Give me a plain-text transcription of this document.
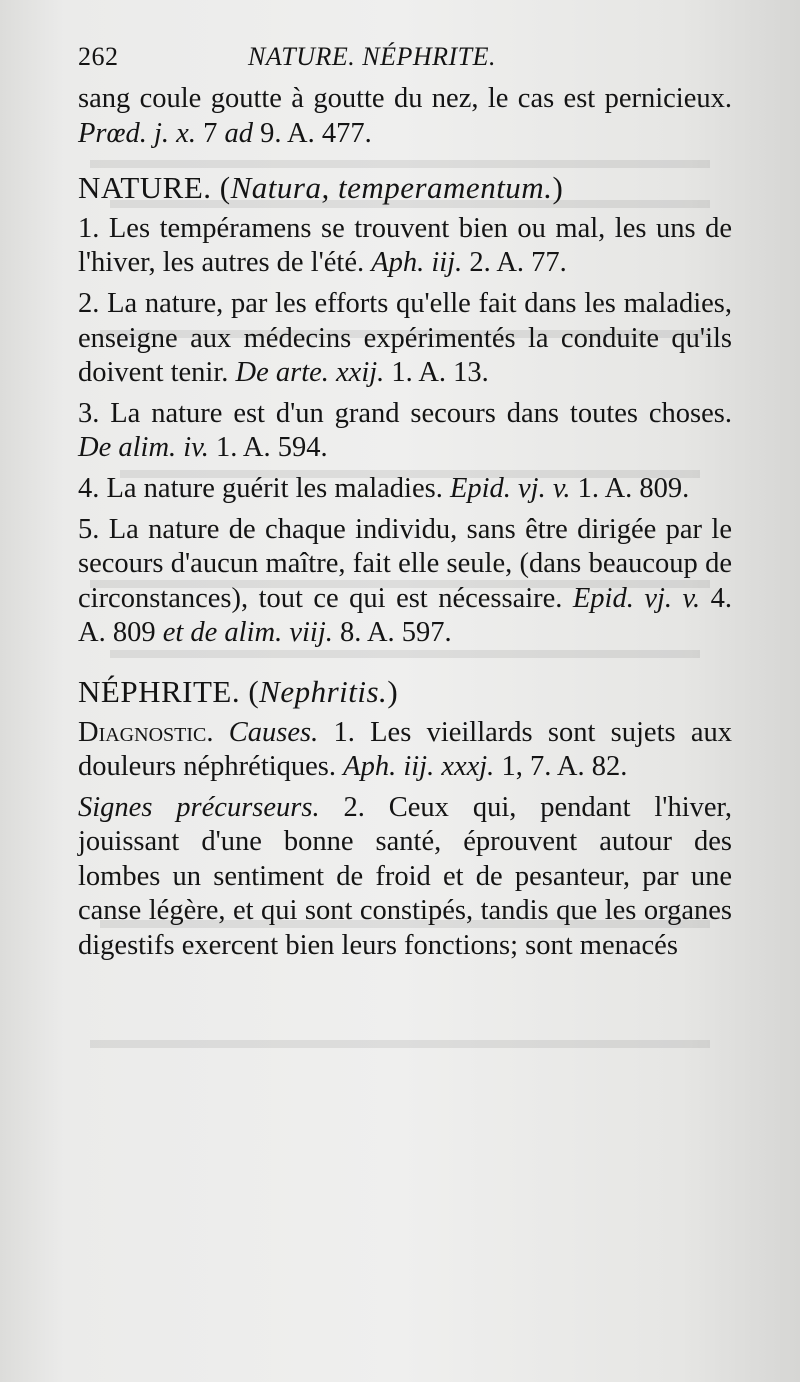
262	NATURE. NÉPHRITE.

sang coule goutte à goutte du nez, le cas est pernicieux. Prœd. j. x. 7 ad 9. A. 477.

NATURE. (Natura, temperamentum.)

1. Les tempéramens se trouvent bien ou mal, les uns de l'hiver, les autres de l'été. Aph. iij. 2. A. 77.

2. La nature, par les efforts qu'elle fait dans les maladies, enseigne aux médecins expérimentés la conduite qu'ils doivent tenir. De arte. xxij. 1. A. 13.

3. La nature est d'un grand secours dans toutes choses. De alim. iv. 1. A. 594.

4. La nature guérit les maladies. Epid. vj. v. 1. A. 809.

5. La nature de chaque individu, sans être dirigée par le secours d'aucun maître, fait elle seule, (dans beaucoup de circonstances), tout ce qui est nécessaire. Epid. vj. v. 4. A. 809 et de alim. viij. 8. A. 597.

NÉPHRITE. (Nephritis.)

Diagnostic. Causes. 1. Les vieillards sont sujets aux douleurs néphrétiques. Aph. iij. xxxj. 1, 7. A. 82.

Signes précurseurs. 2. Ceux qui, pendant l'hiver, jouissant d'une bonne santé, éprouvent autour des lombes un sentiment de froid et de pesanteur, par une canse légère, et qui sont constipés, tandis que les organes digestifs exercent bien leurs fonctions; sont menacés
